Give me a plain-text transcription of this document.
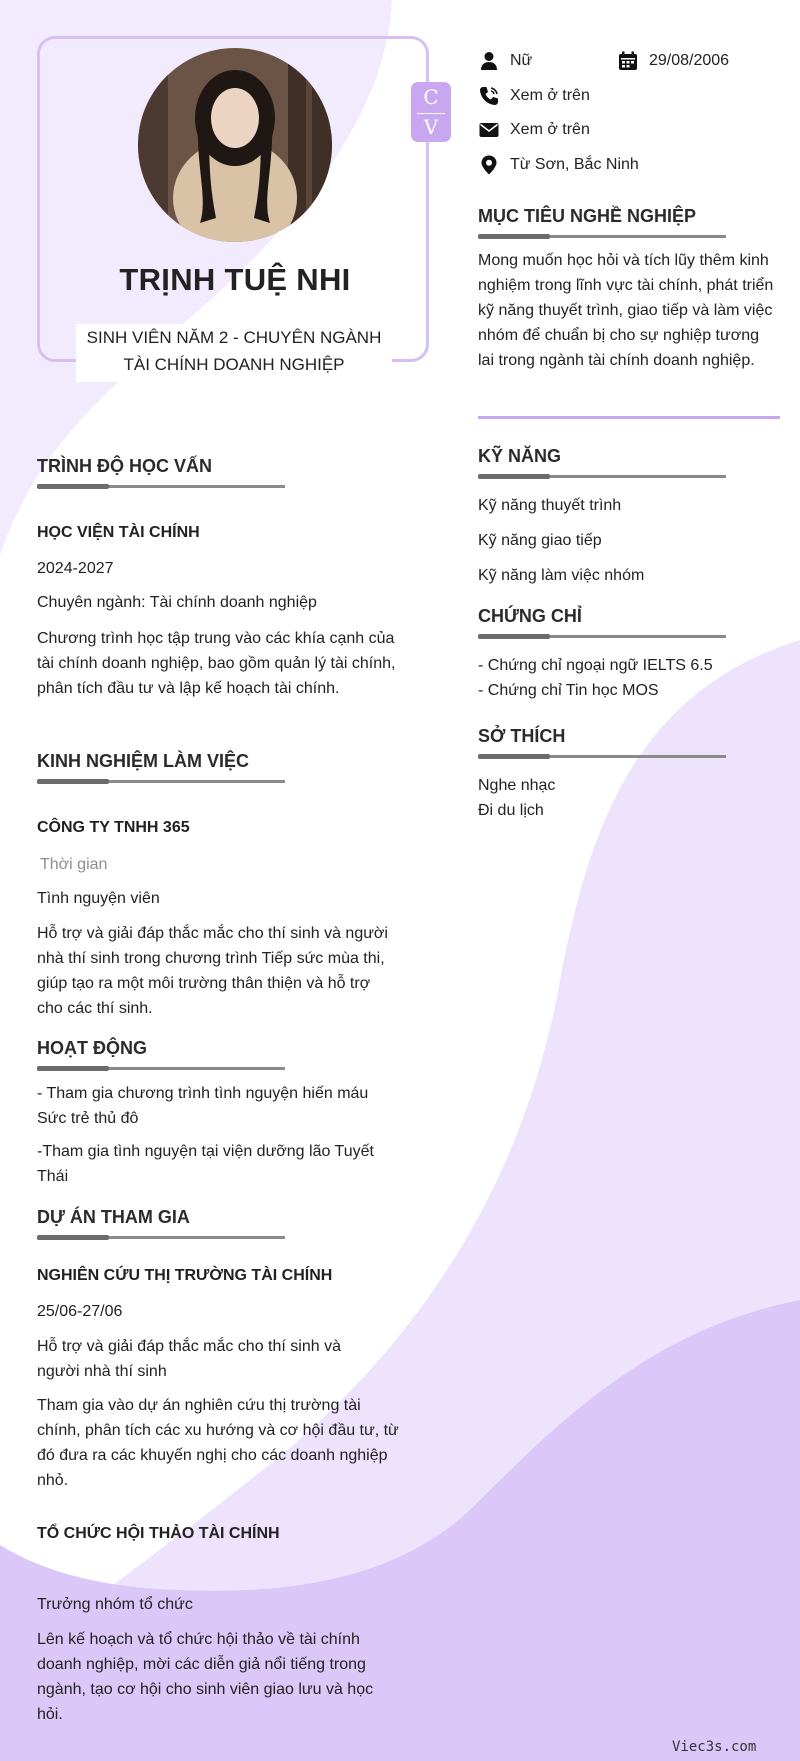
TRỊNH TUỆ NHI
SINH VIÊN NĂM 2 - CHUYÊN NGÀNH TÀI CHÍNH DOANH NGHIỆP
C
V
Nữ	29/08/2006
Xem ở trên
Xem ở trên
Từ Sơn, Bắc Ninh
MỤC TIÊU NGHỀ NGHIỆP
Mong muốn học hỏi và tích lũy thêm kinh nghiệm trong lĩnh vực tài chính, phát triển kỹ năng thuyết trình, giao tiếp và làm việc nhóm để chuẩn bị cho sự nghiệp tương lai trong ngành tài chính doanh nghiệp.
KỸ NĂNG
Kỹ năng thuyết trình
Kỹ năng giao tiếp
Kỹ năng làm việc nhóm
CHỨNG CHỈ
- Chứng chỉ ngoại ngữ IELTS 6.5
- Chứng chỉ Tin học MOS
SỞ THÍCH
Nghe nhạc
Đi du lịch
TRÌNH ĐỘ HỌC VẤN
HỌC VIỆN TÀI CHÍNH
2024-2027
Chuyên ngành: Tài chính doanh nghiệp
Chương trình học tập trung vào các khía cạnh của tài chính doanh nghiệp, bao gồm quản lý tài chính, phân tích đầu tư và lập kế hoạch tài chính.
KINH NGHIỆM LÀM VIỆC
CÔNG TY TNHH 365
Thời gian
Tình nguyện viên
Hỗ trợ và giải đáp thắc mắc cho thí sinh và người nhà thí sinh trong chương trình Tiếp sức mùa thi, giúp tạo ra một môi trường thân thiện và hỗ trợ cho các thí sinh.
HOẠT ĐỘNG
- Tham gia chương trình tình nguyện hiến máu Sức trẻ thủ đô
-Tham gia tình nguyện tại viện dưỡng lão Tuyết Thái
DỰ ÁN THAM GIA
NGHIÊN CỨU THỊ TRƯỜNG TÀI CHÍNH
25/06-27/06
Hỗ trợ và giải đáp thắc mắc cho thí sinh và người nhà thí sinh
Tham gia vào dự án nghiên cứu thị trường tài chính, phân tích các xu hướng và cơ hội đầu tư, từ đó đưa ra các khuyến nghị cho các doanh nghiệp nhỏ.
TỔ CHỨC HỘI THẢO TÀI CHÍNH
Trưởng nhóm tổ chức
Lên kế hoạch và tổ chức hội thảo về tài chính doanh nghiệp, mời các diễn giả nổi tiếng trong ngành, tạo cơ hội cho sinh viên giao lưu và học hỏi.
Viec3s.com
